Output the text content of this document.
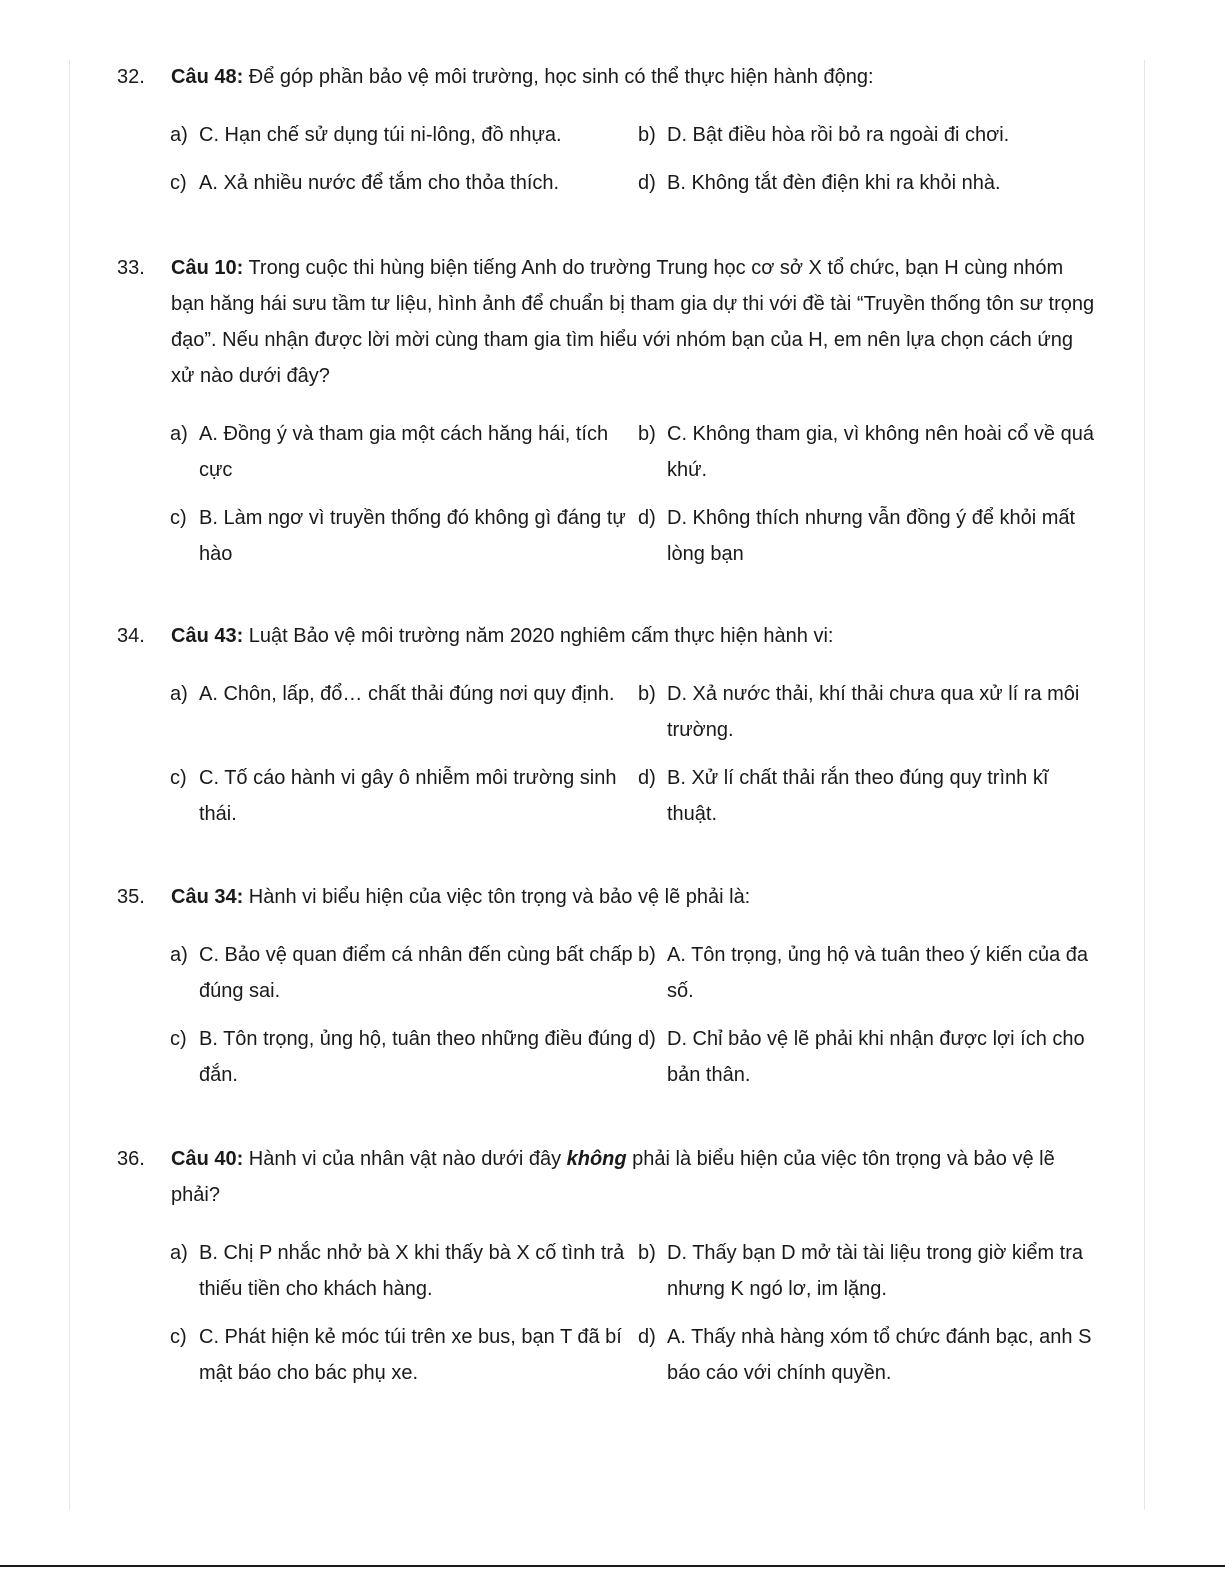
32. Câu 48: Để góp phần bảo vệ môi trường, học sinh có thể thực hiện hành động:
a) C. Hạn chế sử dụng túi ni-lông, đồ nhựa.	b) D. Bật điều hòa rồi bỏ ra ngoài đi chơi.
c) A. Xả nhiều nước để tắm cho thỏa thích.	d) B. Không tắt đèn điện khi ra khỏi nhà.
33. Câu 10: Trong cuộc thi hùng biện tiếng Anh do trường Trung học cơ sở X tổ chức, bạn H cùng nhóm bạn hăng hái sưu tầm tư liệu, hình ảnh để chuẩn bị tham gia dự thi với đề tài “Truyền thống tôn sư trọng đạo”. Nếu nhận được lời mời cùng tham gia tìm hiểu với nhóm bạn của H, em nên lựa chọn cách ứng xử nào dưới đây?
a) A. Đồng ý và tham gia một cách hăng hái, tích cực
b) C. Không tham gia, vì không nên hoài cổ về quá khứ.
c) B. Làm ngơ vì truyền thống đó không gì đáng tự hào
d) D. Không thích nhưng vẫn đồng ý để khỏi mất lòng bạn
34. Câu 43: Luật Bảo vệ môi trường năm 2020 nghiêm cấm thực hiện hành vi:
a) A. Chôn, lấp, đổ… chất thải đúng nơi quy định.	b) D. Xả nước thải, khí thải chưa qua xử lí ra môi trường.
c) C. Tố cáo hành vi gây ô nhiễm môi trường sinh thái.
d) B. Xử lí chất thải rắn theo đúng quy trình kĩ thuật.
35. Câu 34: Hành vi biểu hiện của việc tôn trọng và bảo vệ lẽ phải là:
a) C. Bảo vệ quan điểm cá nhân đến cùng bất chấp đúng sai.
b) A. Tôn trọng, ủng hộ và tuân theo ý kiến của đa số.
c) B. Tôn trọng, ủng hộ, tuân theo những điều đúng đắn.
d) D. Chỉ bảo vệ lẽ phải khi nhận được lợi ích cho bản thân.
36. Câu 40: Hành vi của nhân vật nào dưới đây không phải là biểu hiện của việc tôn trọng và bảo vệ lẽ phải?
a) B. Chị P nhắc nhở bà X khi thấy bà X cố tình trả thiếu tiền cho khách hàng.
b) D. Thấy bạn D mở tài tài liệu trong giờ kiểm tra nhưng K ngó lơ, im lặng.
c) C. Phát hiện kẻ móc túi trên xe bus, bạn T đã bí mật báo cho bác phụ xe.
d) A. Thấy nhà hàng xóm tổ chức đánh bạc, anh S báo cáo với chính quyền.
